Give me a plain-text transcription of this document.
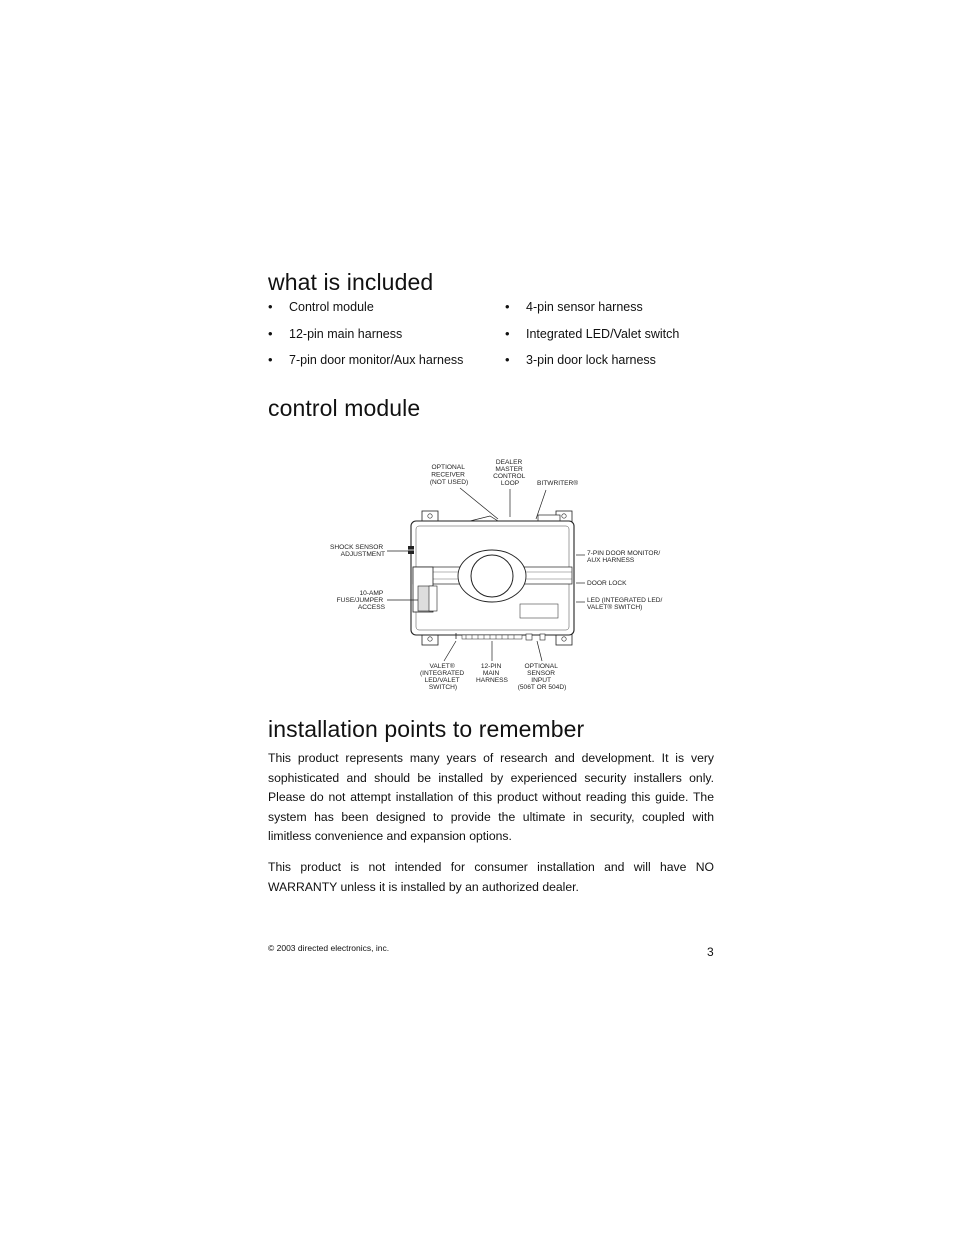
what is included
• Control module
• 12-pin main harness
• 7-pin door monitor/Aux harness
• 4-pin sensor harness
• Integrated LED/Valet switch
• 3-pin door lock harness
control module
OPTIONAL RECEIVER (NOT USED)
DEALER MASTER CONTROL LOOP	BITWRITER®
SHOCK SENSOR ADJUSTMENT
10-AMP FUSE/JUMPER ACCESS
7-PIN DOOR MONITOR/ AUX HARNESS
DOOR LOCK
LED (INTEGRATED LED/ VALET® SWITCH)
VALET® (INTEGRATED LED/VALET SWITCH)
12-PIN MAIN HARNESS
OPTIONAL SENSOR INPUT (506T OR 504D)
installation points to remember

This product represents many years of research and development. It is very sophisticated and should be installed by experienced security installers only. Please do not attempt installation of this product without reading this guide. The system has been designed to provide the ultimate in security, coupled with limitless convenience and expansion options.

This product is not intended for consumer installation and will have NO WARRANTY unless it is installed by an authorized dealer.

© 2003 directed electronics, inc.	3
